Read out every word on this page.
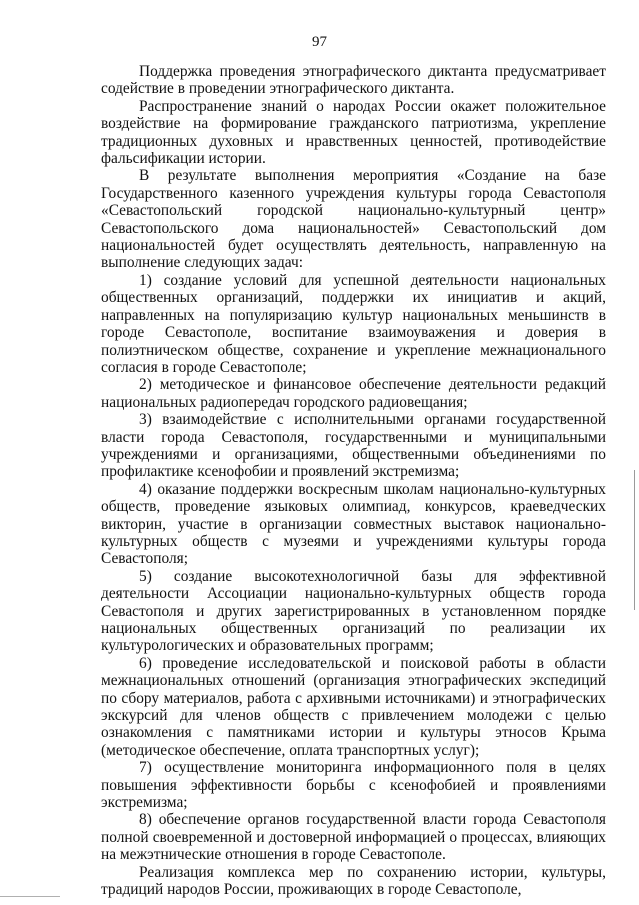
97

Поддержка проведения этнографического диктанта предусматривает содействие в проведении этнографического диктанта.

Распространение знаний о народах России окажет положительное воздействие на формирование гражданского патриотизма, укрепление традиционных духовных и нравственных ценностей, противодействие фальсификации истории.

В результате выполнения мероприятия «Создание на базе Государственного казенного учреждения культуры города Севастополя «Севастопольский городской национально-культурный центр» Севастопольского дома национальностей» Севастопольский дом национальностей будет осуществлять деятельность, направленную на выполнение следующих задач:

1) создание условий для успешной деятельности национальных общественных организаций, поддержки их инициатив и акций, направленных на популяризацию культур национальных меньшинств в городе Севастополе, воспитание взаимоуважения и доверия в полиэтническом обществе, сохранение и укрепление межнационального согласия в городе Севастополе;

2) методическое и финансовое обеспечение деятельности редакций национальных радиопередач городского радиовещания;

3) взаимодействие с исполнительными органами государственной власти города Севастополя, государственными и муниципальными учреждениями и организациями, общественными объединениями по профилактике ксенофобии и проявлений экстремизма;

4) оказание поддержки воскресным школам национально-культурных обществ, проведение языковых олимпиад, конкурсов, краеведческих викторин, участие в организации совместных выставок национально-культурных обществ с музеями и учреждениями культуры города Севастополя;

5) создание высокотехнологичной базы для эффективной деятельности Ассоциации национально-культурных обществ города Севастополя и других зарегистрированных в установленном порядке национальных общественных организаций по реализации их культурологических и образовательных программ;

6) проведение исследовательской и поисковой работы в области межнациональных отношений (организация этнографических экспедиций по сбору материалов, работа с архивными источниками) и этнографических экскурсий для членов обществ с привлечением молодежи с целью ознакомления с памятниками истории и культуры этносов Крыма (методическое обеспечение, оплата транспортных услуг);

7) осуществление мониторинга информационного поля в целях повышения эффективности борьбы с ксенофобией и проявлениями экстремизма;

8) обеспечение органов государственной власти города Севастополя полной своевременной и достоверной информацией о процессах, влияющих на межэтнические отношения в городе Севастополе.

Реализация комплекса мер по сохранению истории, культуры, традиций народов России, проживающих в городе Севастополе,
